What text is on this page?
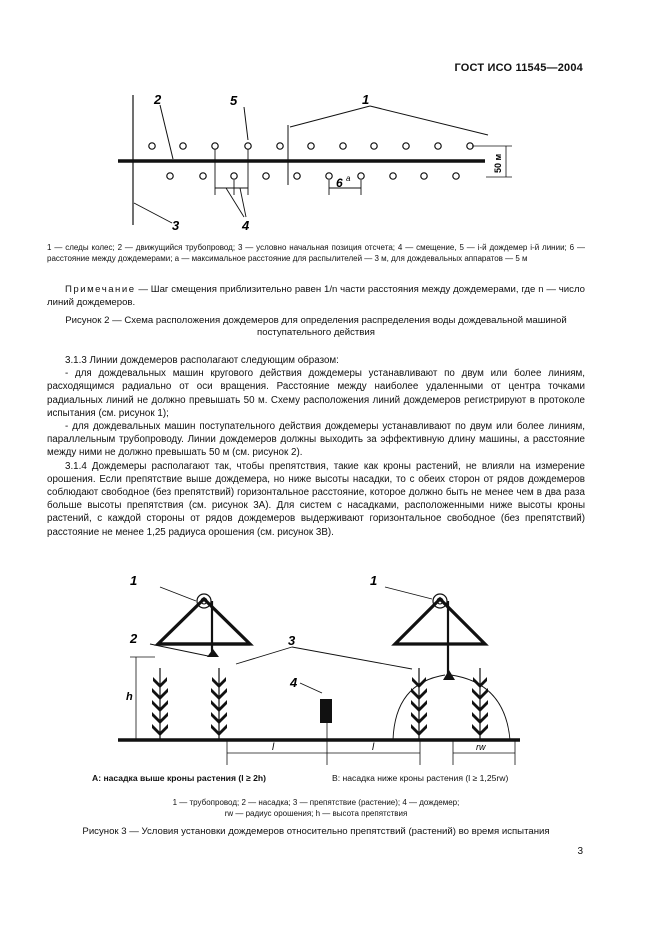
ГОСТ ИСО 11545—2004
2	5	1
6 a
4
3
50 м
1 — следы колес; 2 — движущийся трубопровод; 3 — условно начальная позиция отсчета; 4 — смещение, 5 — i-й дождемер i-й линии; 6 — расстояние между дождемерами; a — максимальное расстояние для распылителей — 3 м, для дождевальных аппаратов — 5 м
Примечание — Шаг смещения приблизительно равен 1/n части расстояния между дождемерами, где n — число линий дождемеров.
Рисунок 2 — Схема расположения дождемеров для определения распределения воды дождевальной машиной поступательного действия

3.1.3 Линии дождемеров располагают следующим образом:

- для дождевальных машин кругового действия дождемеры устанавливают по двум или более линиям, расходящимся радиально от оси вращения. Расстояние между наиболее удаленными от центра точками радиальных линий не должно превышать 50 м. Схему расположения линий дождемеров регистрируют в протоколе испытания (см. рисунок 1);

- для дождевальных машин поступательного действия дождемеры устанавливают по двум или более линиям, параллельным трубопроводу. Линии дождемеров должны выходить за эффективную длину машины, а расстояние между ними не должно превышать 50 м (см. рисунок 2).

3.1.4 Дождемеры располагают так, чтобы препятствия, такие как кроны растений, не влияли на измерение орошения. Если препятствие выше дождемера, но ниже высоты насадки, то с обеих сторон от рядов дождемеров соблюдают свободное (без препятствий) горизонтальное расстояние, которое должно быть не менее чем в два раза больше высоты препятствия (см. рисунок 3А). Для систем с насадками, расположенными ниже высоты кроны растений, с каждой стороны от рядов дождемеров выдерживают горизонтальное свободное (без препятствий) расстояние не менее 1,25 радиуса орошения (см. рисунок 3В).

h
1	1
2	3
4
l	l	rw
А: насадка выше кроны растения (l ≥ 2h)	В: насадка ниже кроны растения (l ≥ 1,25rw)
1 — трубопровод; 2 — насадка; 3 — препятствие (растение); 4 — дождемер;
rw — радиус орошения; h — высота препятствия
Рисунок 3 — Условия установки дождемеров относительно препятствий (растений) во время испытания
3
